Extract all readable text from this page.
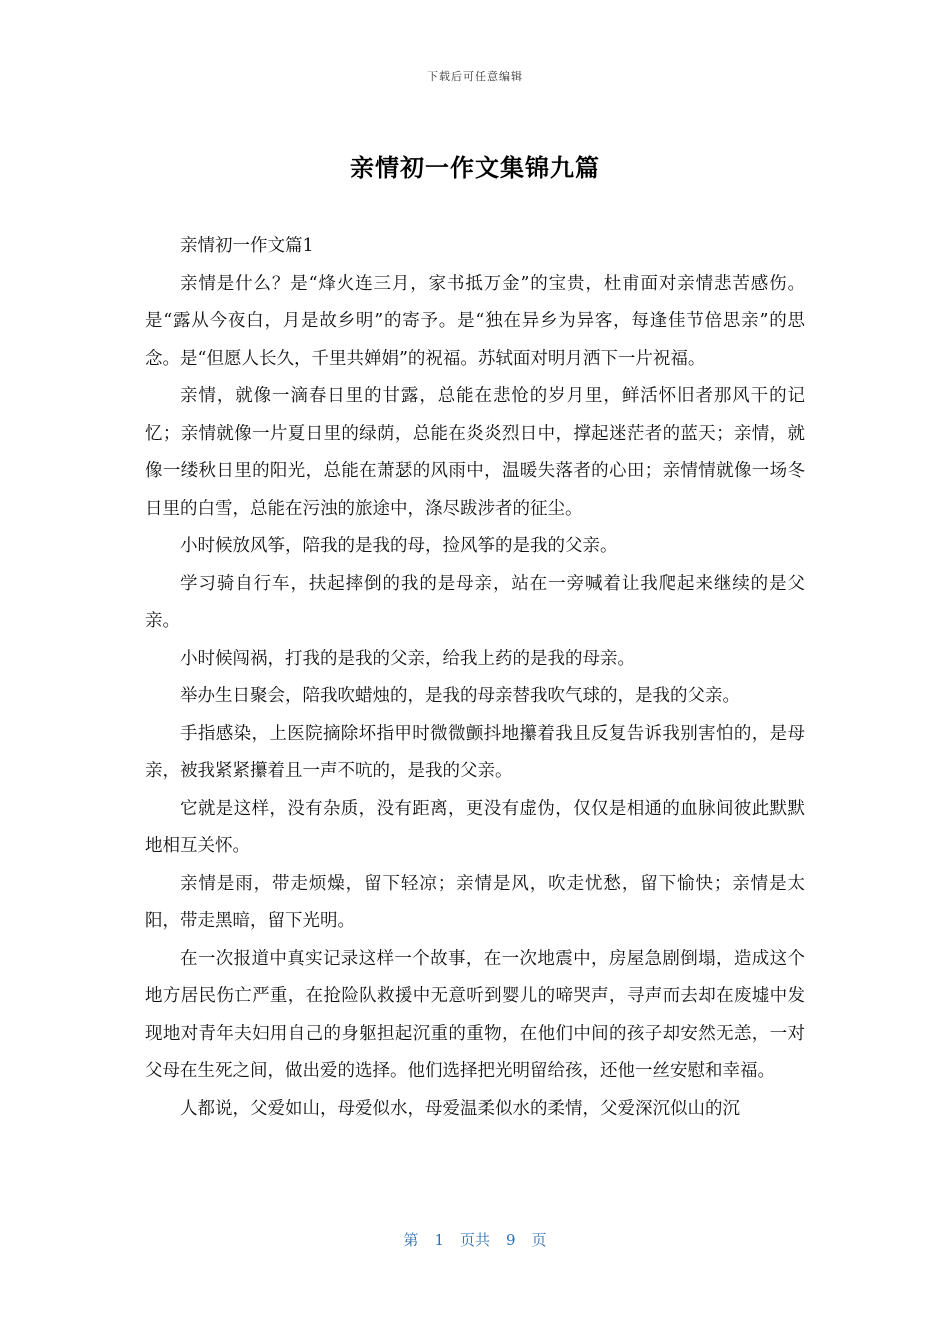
下载后可任意编辑
亲情初一作文集锦九篇

亲情初一作文篇1

亲情是什么？是“烽火连三月，家书抵万金”的宝贵，杜甫面对亲情悲苦感伤。是“露从今夜白，月是故乡明”的寄予。是“独在异乡为异客，每逢佳节倍思亲”的思念。是“但愿人长久，千里共婵娟”的祝福。苏轼面对明月洒下一片祝福。

亲情，就像一滴春日里的甘露，总能在悲怆的岁月里，鲜活怀旧者那风干的记忆；亲情就像一片夏日里的绿荫，总能在炎炎烈日中，撑起迷茫者的蓝天；亲情，就像一缕秋日里的阳光，总能在萧瑟的风雨中，温暖失落者的心田；亲情情就像一场冬日里的白雪，总能在污浊的旅途中，涤尽跋涉者的征尘。

小时候放风筝，陪我的是我的母，捡风筝的是我的父亲。

学习骑自行车，扶起摔倒的我的是母亲，站在一旁喊着让我爬起来继续的是父亲。

小时候闯祸，打我的是我的父亲，给我上药的是我的母亲。

举办生日聚会，陪我吹蜡烛的，是我的母亲替我吹气球的，是我的父亲。

手指感染，上医院摘除坏指甲时微微颤抖地攥着我且反复告诉我别害怕的，是母亲，被我紧紧攥着且一声不吭的，是我的父亲。

它就是这样，没有杂质，没有距离，更没有虚伪，仅仅是相通的血脉间彼此默默地相互关怀。

亲情是雨，带走烦燥，留下轻凉；亲情是风，吹走忧愁，留下愉快；亲情是太阳，带走黑暗，留下光明。

在一次报道中真实记录这样一个故事，在一次地震中，房屋急剧倒塌，造成这个地方居民伤亡严重，在抢险队救援中无意听到婴儿的啼哭声，寻声而去却在废墟中发现地对青年夫妇用自己的身躯担起沉重的重物，在他们中间的孩子却安然无恙，一对父母在生死之间，做出爱的选择。他们选择把光明留给孩，还他一丝安慰和幸福。

人都说，父爱如山，母爱似水，母爱温柔似水的柔情，父爱深沉似山的沉

第 1 页共 9 页
